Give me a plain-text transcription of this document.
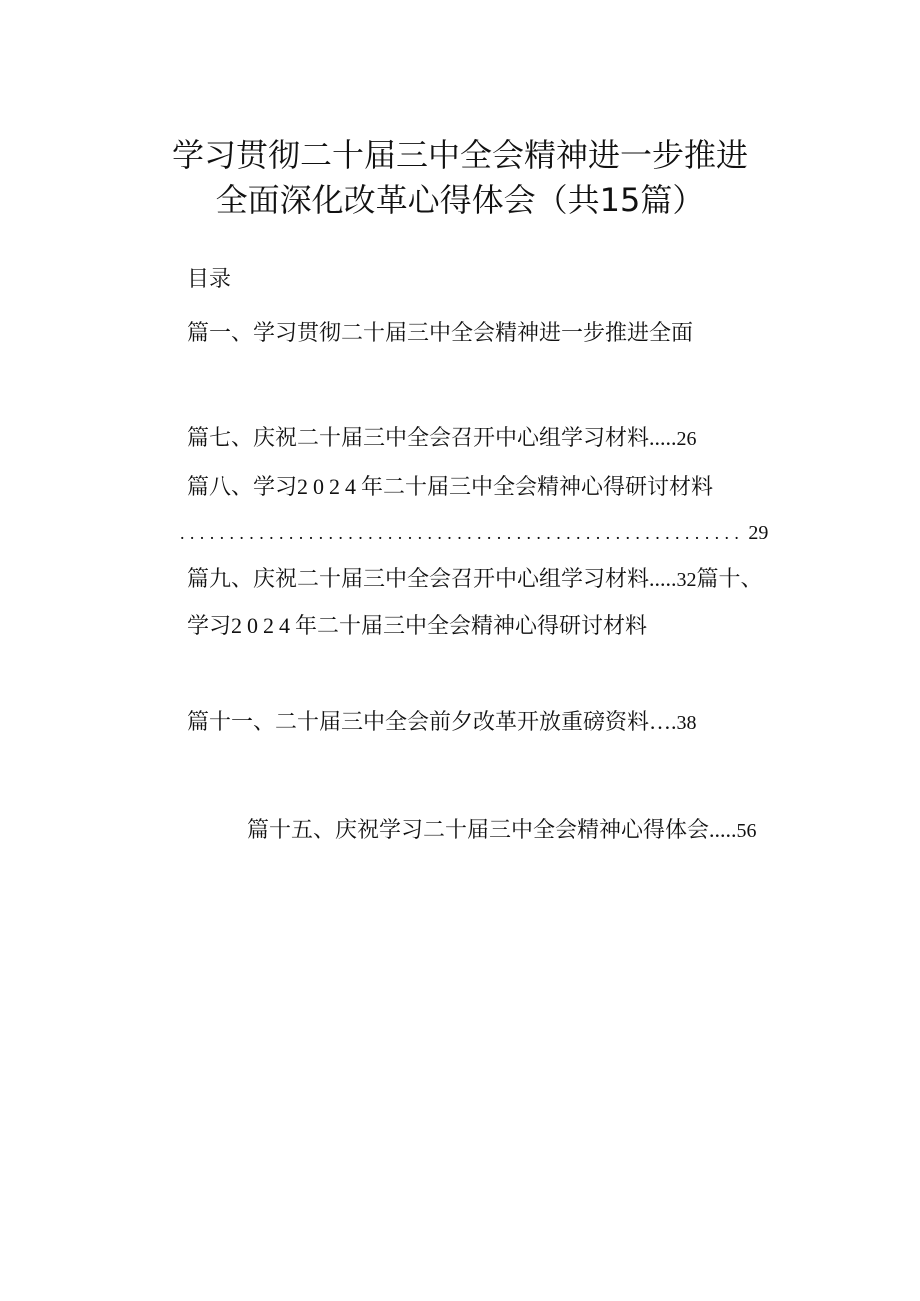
学习贯彻二十届三中全会精神进一步推进
全面深化改革心得体会（共15篇）
目录
篇一、学习贯彻二十届三中全会精神进一步推进全面
篇七、庆祝二十届三中全会召开中心组学习材料.....26
篇八、学习2024年二十届三中全会精神心得研讨材料
......................................................... 29
篇九、庆祝二十届三中全会召开中心组学习材料.....32篇十、
学习2024年二十届三中全会精神心得研讨材料
篇十一、二十届三中全会前夕改革开放重磅资料….38
篇十五、庆祝学习二十届三中全会精神心得体会.....56
